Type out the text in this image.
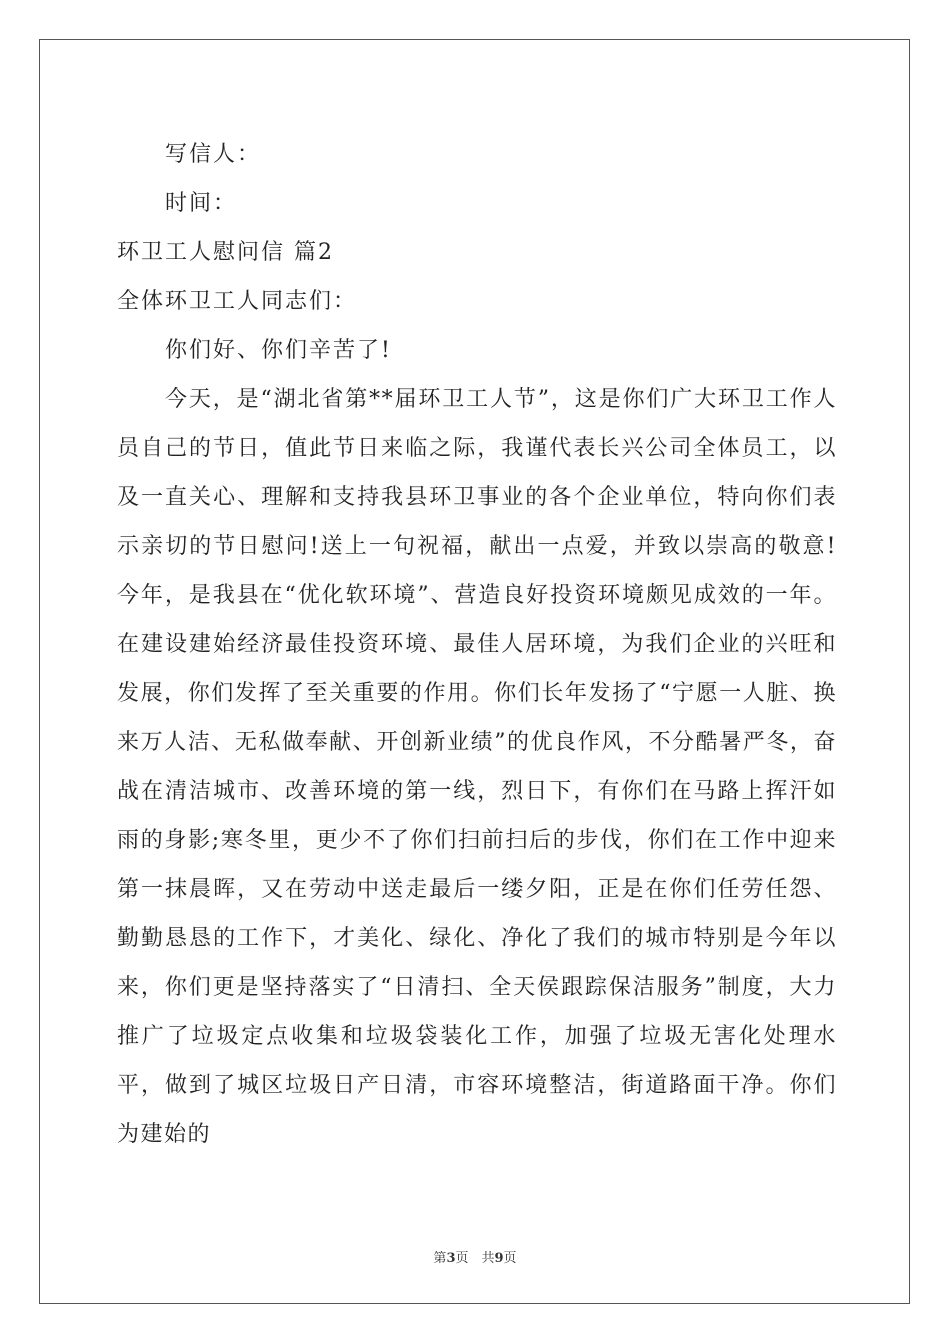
写信人：
时间：
环卫工人慰问信 篇2
全体环卫工人同志们：
你们好、你们辛苦了!

今天，是“湖北省第**届环卫工人节”，这是你们广大环卫工作人员自己的节日，值此节日来临之际，我谨代表长兴公司全体员工，以及一直关心、理解和支持我县环卫事业的各个企业单位，特向你们表示亲切的节日慰问!送上一句祝福，献出一点爱，并致以崇高的敬意!今年，是我县在“优化软环境”、营造良好投资环境颇见成效的一年。在建设建始经济最佳投资环境、最佳人居环境，为我们企业的兴旺和发展，你们发挥了至关重要的作用。你们长年发扬了“宁愿一人脏、换来万人洁、无私做奉献、开创新业绩”的优良作风，不分酷暑严冬，奋战在清洁城市、改善环境的第一线，烈日下，有你们在马路上挥汗如雨的身影;寒冬里，更少不了你们扫前扫后的步伐，你们在工作中迎来第一抹晨晖，又在劳动中送走最后一缕夕阳，正是在你们任劳任怨、勤勤恳恳的工作下，才美化、绿化、净化了我们的城市特别是今年以来，你们更是坚持落实了“日清扫、全天侯跟踪保洁服务”制度，大力推广了垃圾定点收集和垃圾袋装化工作，加强了垃圾无害化处理水平，做到了城区垃圾日产日清，市容环境整洁，街道路面干净。你们为建始的

第3页　共9页
